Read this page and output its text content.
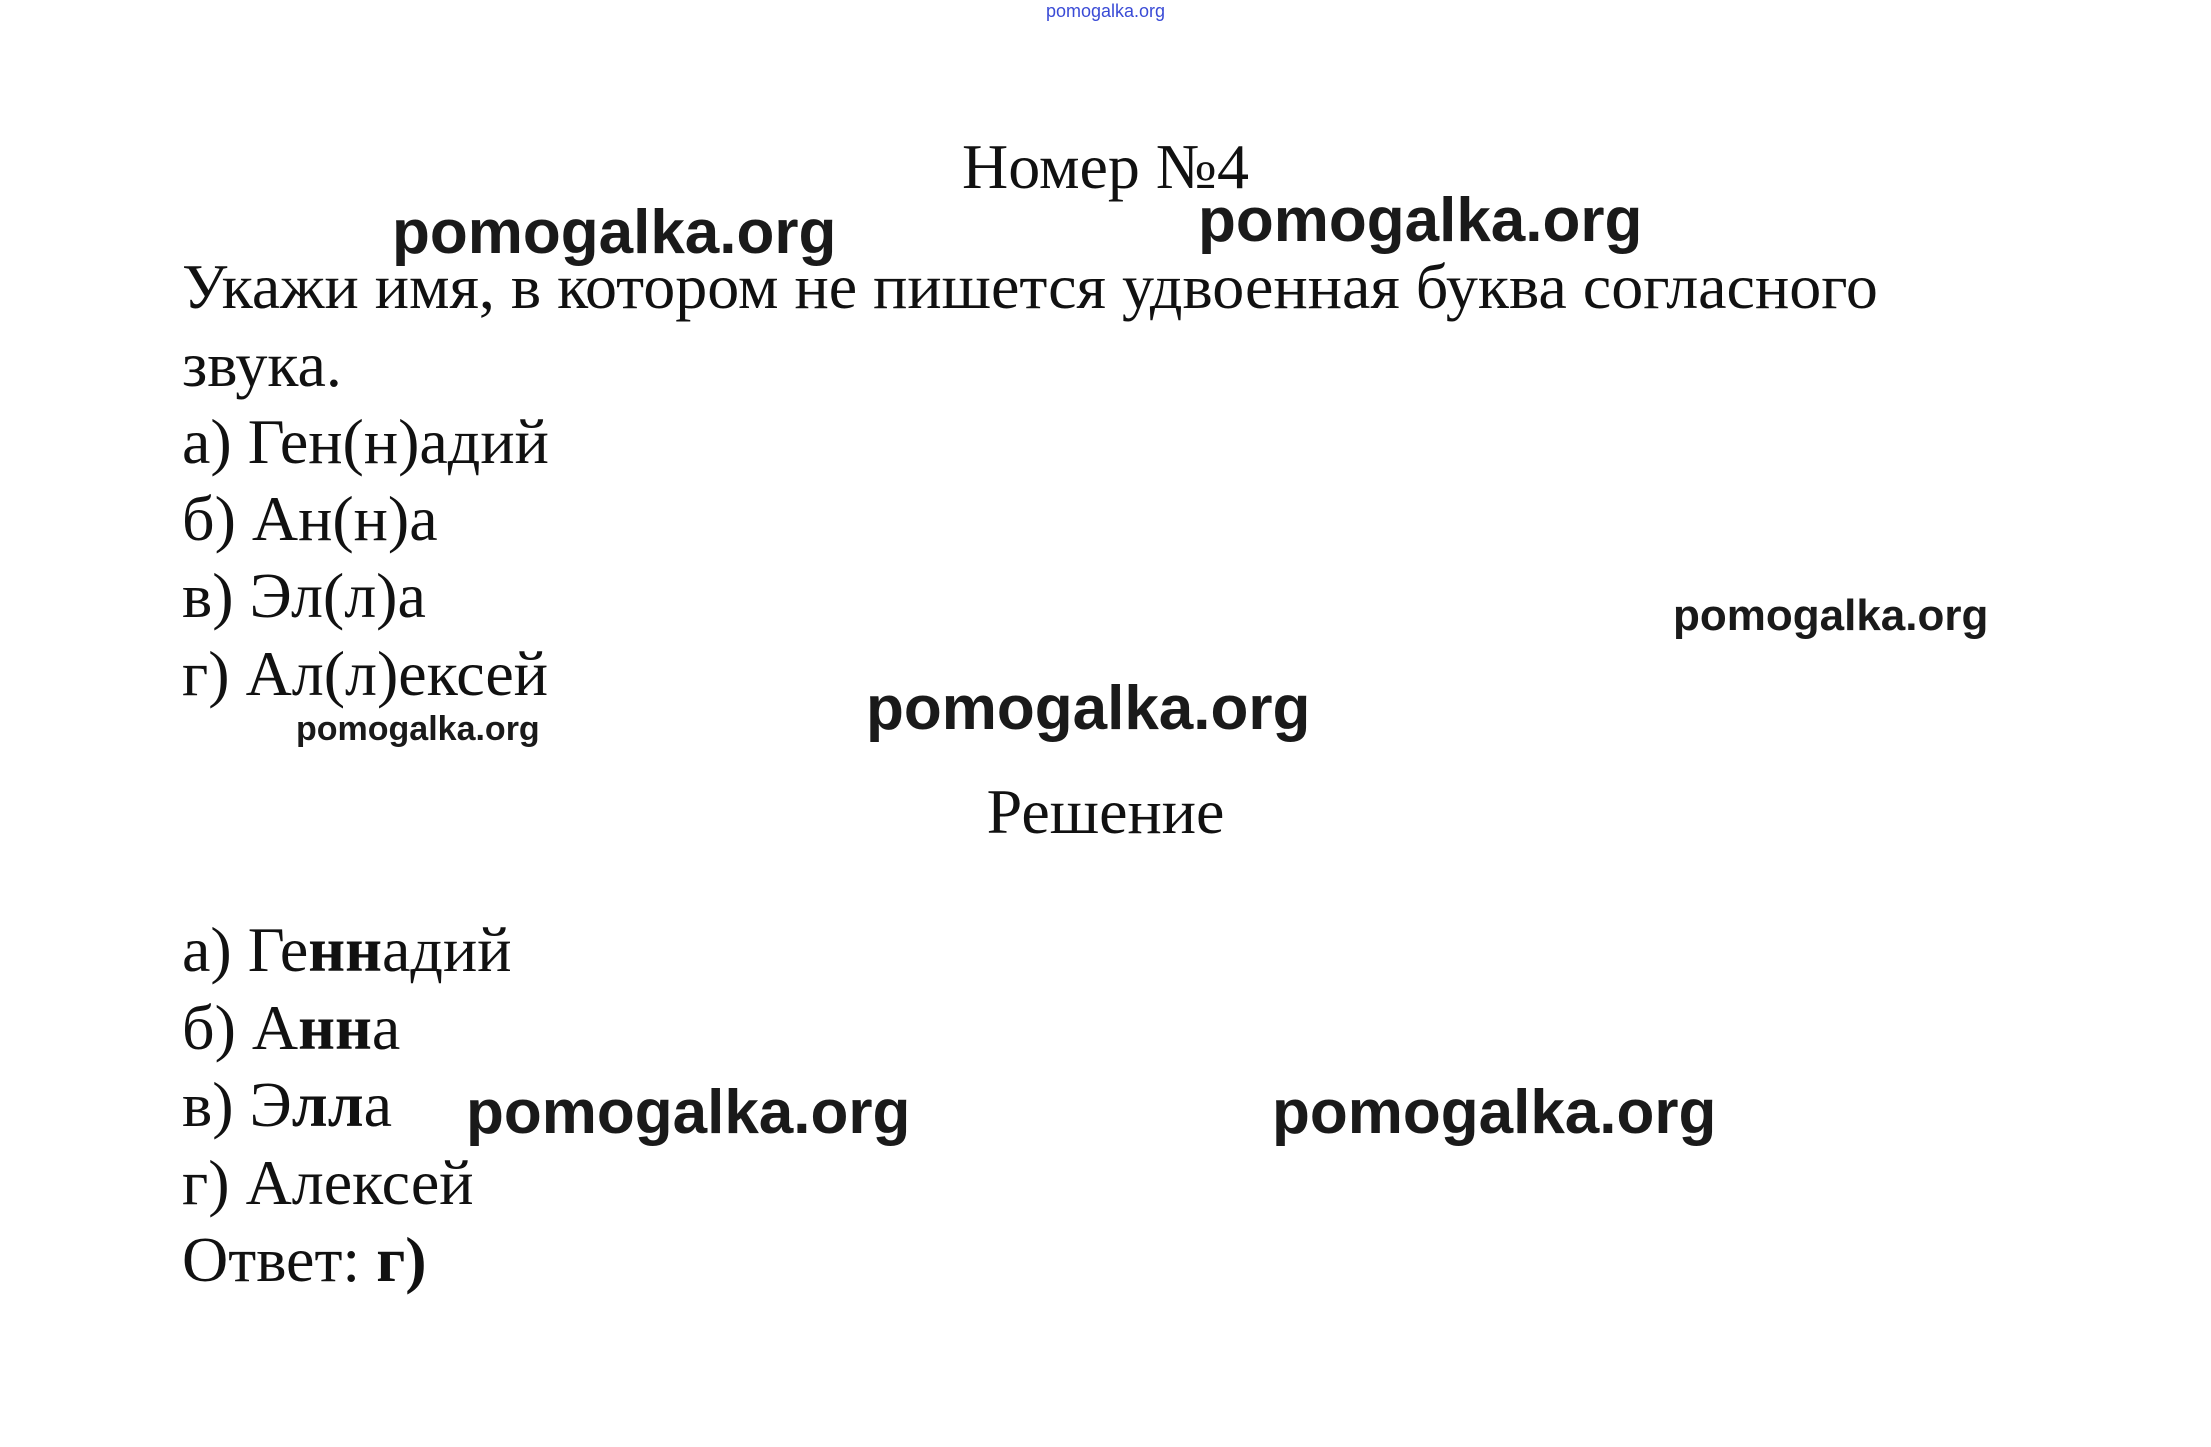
pomogalka.org
Номер №4
Укажи имя, в котором не пишется удвоенная буква согласного
звука.
а) Ген(н)адий
б) Ан(н)а
в) Эл(л)а
г) Ал(л)ексей
Решение
а) Геннадий
б) Анна
в) Элла
г) Алексей
Ответ: г)
pomogalka.org	pomogalka.org
pomogalka.org
pomogalka.org
pomogalka.org
pomogalka.org	pomogalka.org
